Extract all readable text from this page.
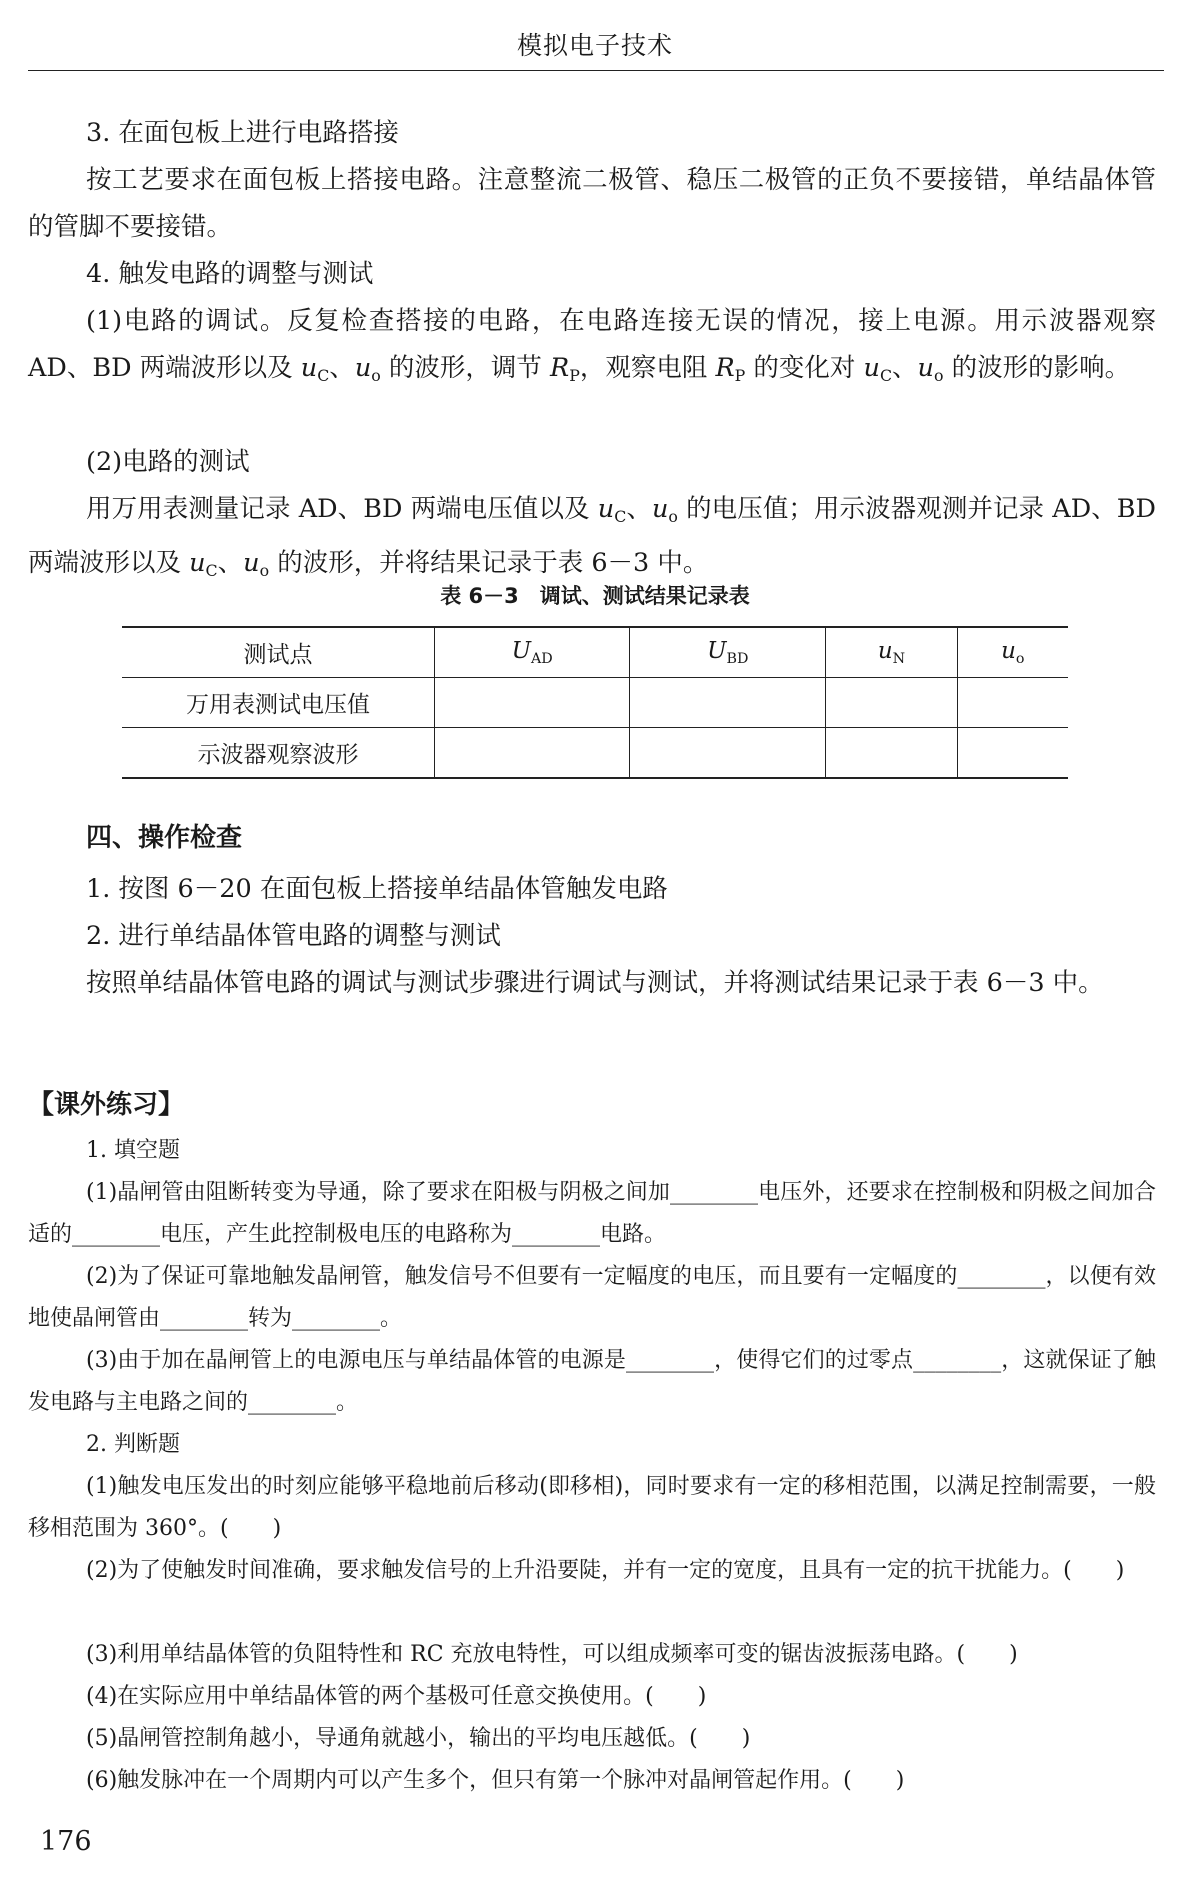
模拟电子技术
3. 在面包板上进行电路搭接
按工艺要求在面包板上搭接电路。注意整流二极管、稳压二极管的正负不要接错，单结晶体管的管脚不要接错。
4. 触发电路的调整与测试
(1)电路的调试。反复检查搭接的电路，在电路连接无误的情况，接上电源。用示波器观察 AD、BD 两端波形以及 $u_C$、$u_o$ 的波形，调节 $R_P$，观察电阻 $R_P$ 的变化对 $u_C$、$u_o$ 的波形的影响。
(2)电路的测试
用万用表测量记录 AD、BD 两端电压值以及 $u_C$、$u_o$ 的电压值；用示波器观测并记录 AD、BD 两端波形以及 $u_C$、$u_o$ 的波形，并将结果记录于表 6－3 中。
表 6－3　调试、测试结果记录表
测试点	$U_{AD}$	$U_{BD}$	$u_N$	$u_o$
万用表测试电压值				
示波器观察波形				
四、操作检查
1. 按图 6－20 在面包板上搭接单结晶体管触发电路
2. 进行单结晶体管电路的调整与测试
按照单结晶体管电路的调试与测试步骤进行调试与测试，并将测试结果记录于表 6－3 中。
【课外练习】
1. 填空题
(1)晶闸管由阻断转变为导通，除了要求在阳极与阴极之间加________电压外，还要求在控制极和阴极之间加合适的________电压，产生此控制极电压的电路称为________电路。
(2)为了保证可靠地触发晶闸管，触发信号不但要有一定幅度的电压，而且要有一定幅度的________，以便有效地使晶闸管由________转为________。
(3)由于加在晶闸管上的电源电压与单结晶体管的电源是________，使得它们的过零点________，这就保证了触发电路与主电路之间的________。
2. 判断题
(1)触发电压发出的时刻应能够平稳地前后移动(即移相)，同时要求有一定的移相范围，以满足控制需要，一般移相范围为 360°。(　　)
(2)为了使触发时间准确，要求触发信号的上升沿要陡，并有一定的宽度，且具有一定的抗干扰能力。(　　)
(3)利用单结晶体管的负阻特性和 RC 充放电特性，可以组成频率可变的锯齿波振荡电路。(　　)
(4)在实际应用中单结晶体管的两个基极可任意交换使用。(　　)
(5)晶闸管控制角越小，导通角就越小，输出的平均电压越低。(　　)
(6)触发脉冲在一个周期内可以产生多个，但只有第一个脉冲对晶闸管起作用。(　　)
176
